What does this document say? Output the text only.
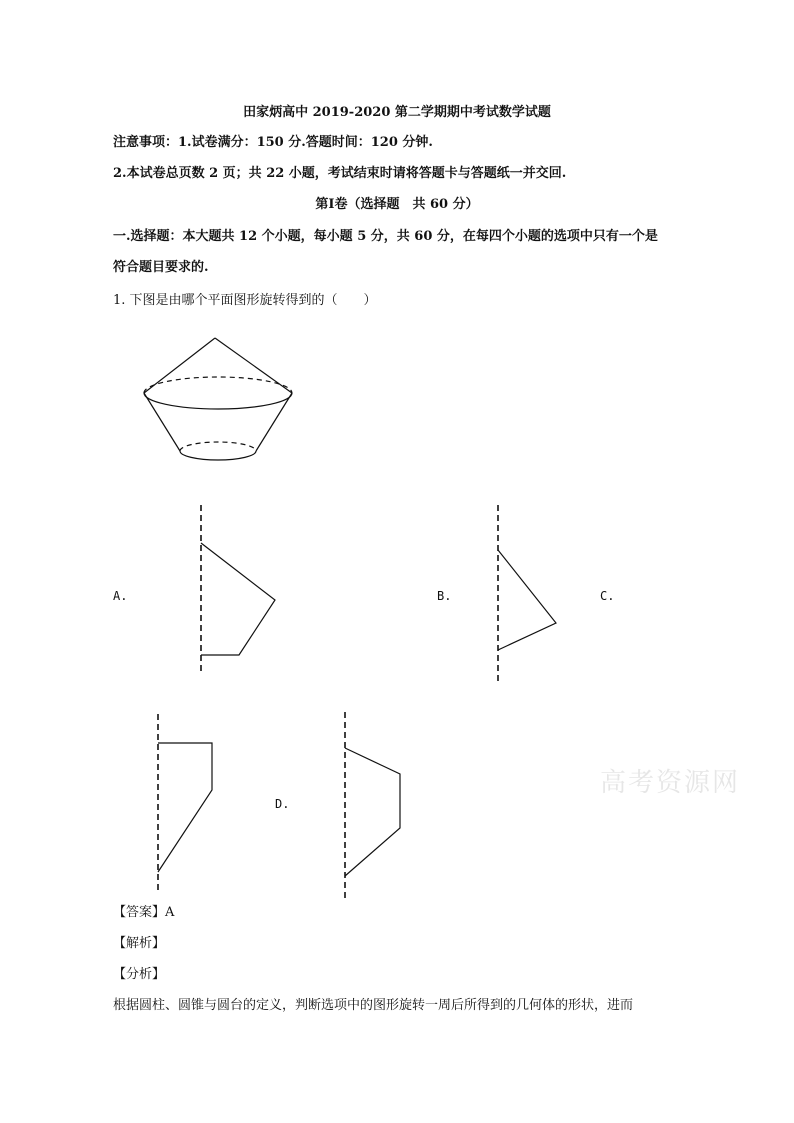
田家炳高中 2019-2020 第二学期期中考试数学试题
注意事项：1.试卷满分：150 分.答题时间：120 分钟.
2.本试卷总页数 2 页；共 22 小题，考试结束时请将答题卡与答题纸一并交回.
第Ⅰ卷（选择题　共 60 分）
一.选择题：本大题共 12 个小题，每小题 5 分，共 60 分，在每四个小题的选项中只有一个是
符合题目要求的.
1. 下图是由哪个平面图形旋转得到的（　　）
A.	B.	C.
D.
高考资源网
【答案】A
【解析】
【分析】
根据圆柱、圆锥与圆台的定义，判断选项中的图形旋转一周后所得到的几何体的形状，进而
